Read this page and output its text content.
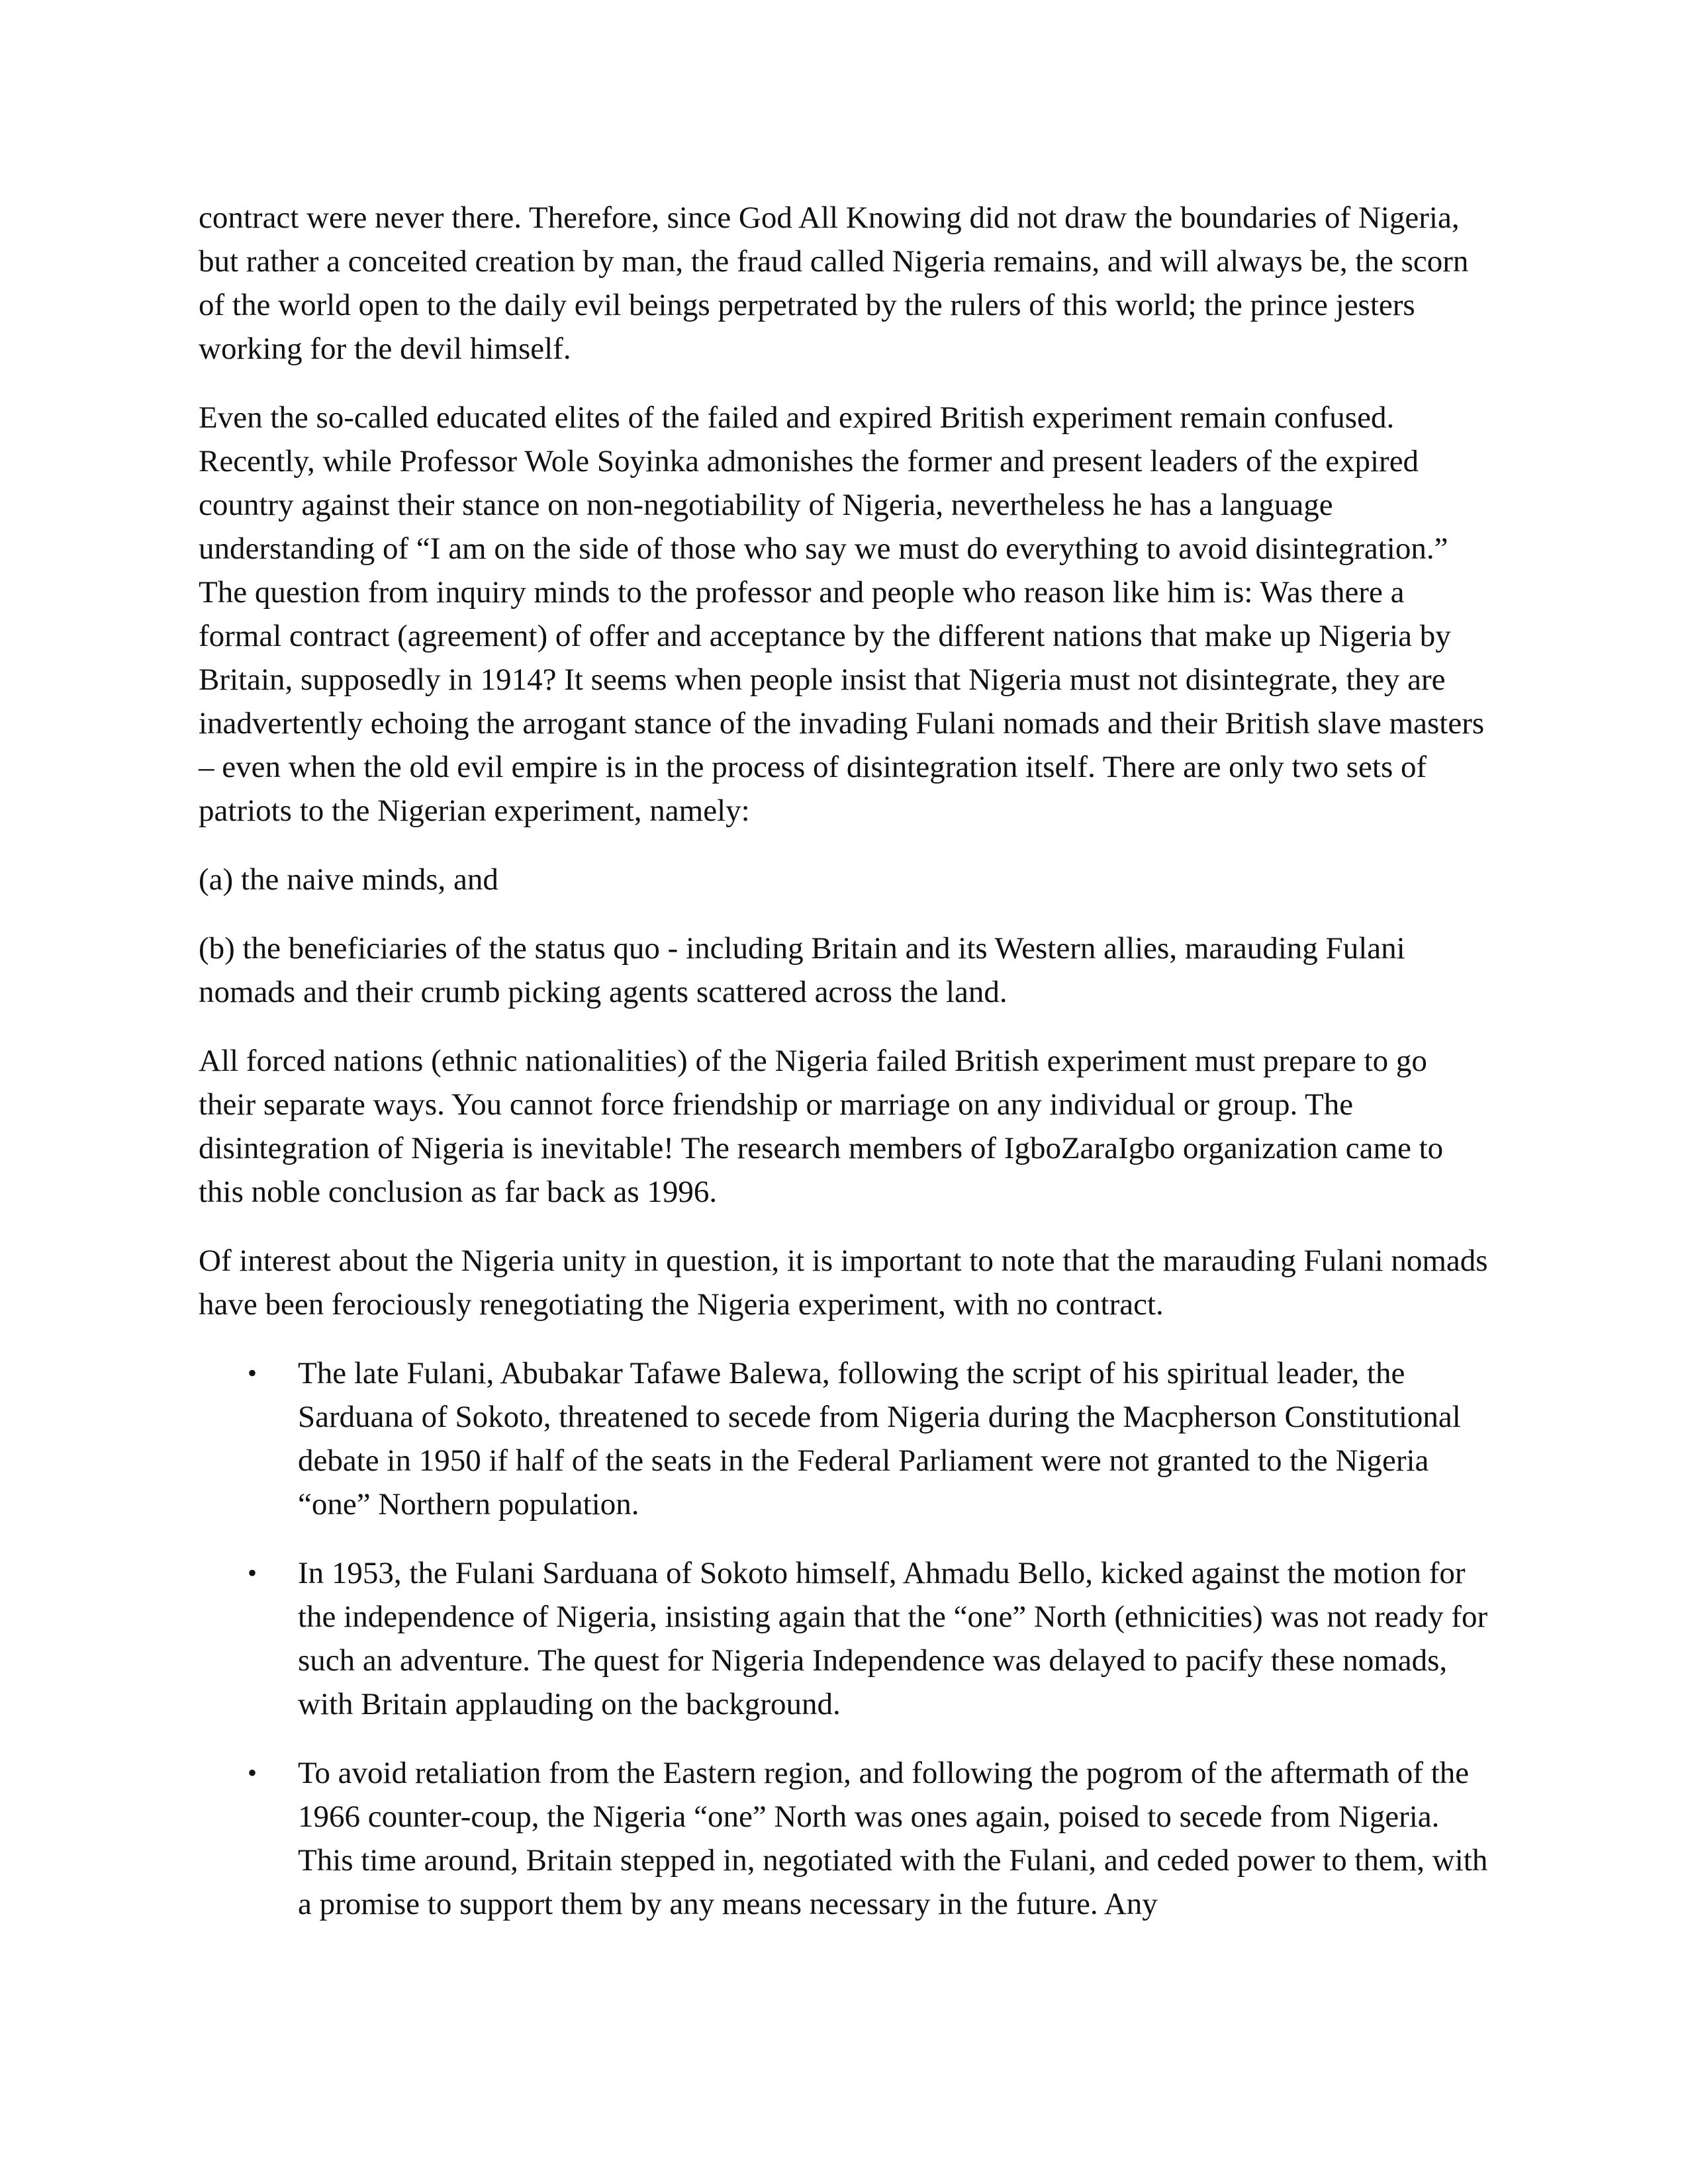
contract were never there. Therefore, since God All Knowing did not draw the boundaries of Nigeria, but rather a conceited creation by man, the fraud called Nigeria remains, and will always be, the scorn of the world open to the daily evil beings perpetrated by the rulers of this world; the prince jesters working for the devil himself.

Even the so-called educated elites of the failed and expired British experiment remain confused. Recently, while Professor Wole Soyinka admonishes the former and present leaders of the expired country against their stance on non-negotiability of Nigeria, nevertheless he has a language understanding of “I am on the side of those who say we must do everything to avoid disintegration.” The question from inquiry minds to the professor and people who reason like him is: Was there a formal contract (agreement) of offer and acceptance by the different nations that make up Nigeria by Britain, supposedly in 1914? It seems when people insist that Nigeria must not disintegrate, they are inadvertently echoing the arrogant stance of the invading Fulani nomads and their British slave masters – even when the old evil empire is in the process of disintegration itself. There are only two sets of patriots to the Nigerian experiment, namely:

(a) the naive minds, and

(b) the beneficiaries of the status quo - including Britain and its Western allies, marauding Fulani nomads and their crumb picking agents scattered across the land.

All forced nations (ethnic nationalities) of the Nigeria failed British experiment must prepare to go their separate ways. You cannot force friendship or marriage on any individual or group. The disintegration of Nigeria is inevitable! The research members of IgboZaraIgbo organization came to this noble conclusion as far back as 1996.

Of interest about the Nigeria unity in question, it is important to note that the marauding Fulani nomads have been ferociously renegotiating the Nigeria experiment, with no contract.

• The late Fulani, Abubakar Tafawe Balewa, following the script of his spiritual leader, the Sarduana of Sokoto, threatened to secede from Nigeria during the Macpherson Constitutional debate in 1950 if half of the seats in the Federal Parliament were not granted to the Nigeria “one” Northern population.
• In 1953, the Fulani Sarduana of Sokoto himself, Ahmadu Bello, kicked against the motion for the independence of Nigeria, insisting again that the “one” North (ethnicities) was not ready for such an adventure. The quest for Nigeria Independence was delayed to pacify these nomads, with Britain applauding on the background.
• To avoid retaliation from the Eastern region, and following the pogrom of the aftermath of the 1966 counter-coup, the Nigeria “one” North was ones again, poised to secede from Nigeria. This time around, Britain stepped in, negotiated with the Fulani, and ceded power to them, with a promise to support them by any means necessary in the future. Any
